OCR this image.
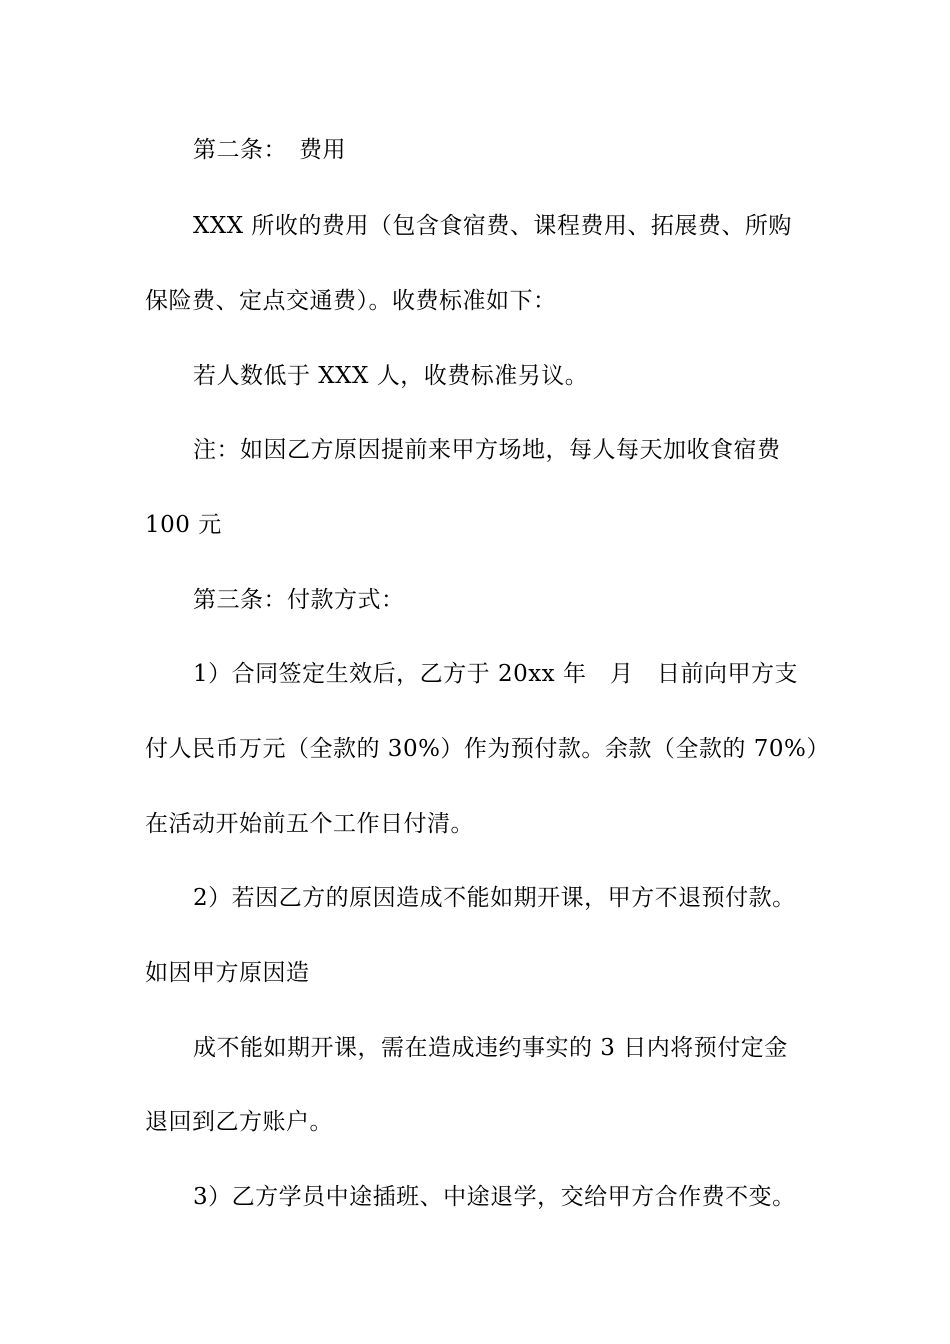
第二条：　费用
XXX 所收的费用（包含食宿费、课程费用、拓展费、所购
保险费、定点交通费）。收费标准如下：
若人数低于 XXX 人，收费标准另议。
注：如因乙方原因提前来甲方场地，每人每天加收食宿费
100 元
第三条：付款方式：
1）合同签定生效后，乙方于 20xx 年　月　日前向甲方支
付人民币万元（全款的 30%）作为预付款。余款（全款的 70%）
在活动开始前五个工作日付清。
2）若因乙方的原因造成不能如期开课，甲方不退预付款。
如因甲方原因造
成不能如期开课，需在造成违约事实的 3 日内将预付定金
退回到乙方账户。
3）乙方学员中途插班、中途退学，交给甲方合作费不变。
